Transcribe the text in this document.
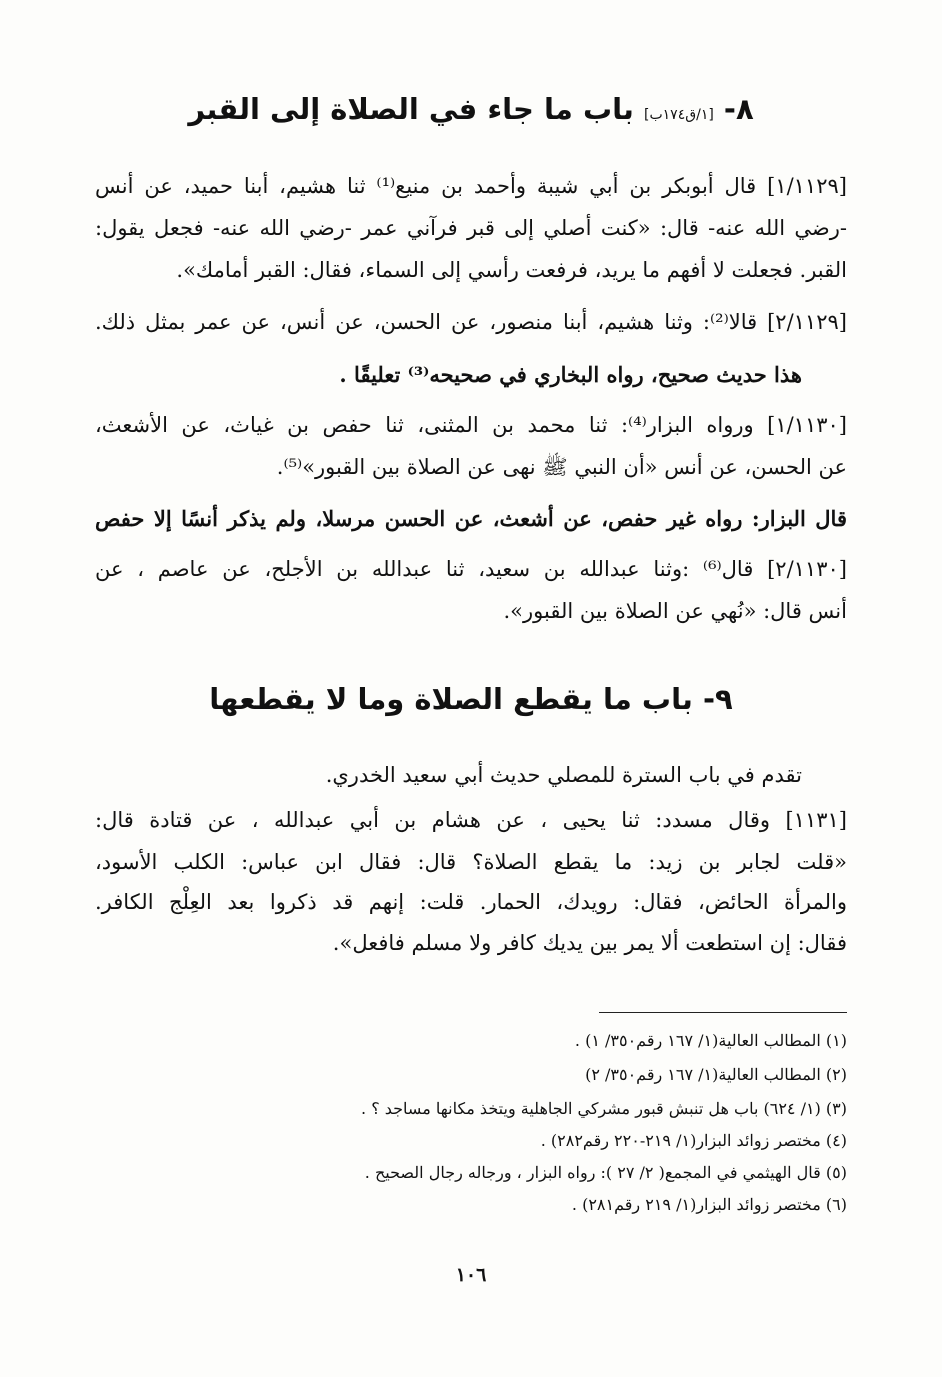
٨- [١/ق١٧٤ب] باب ما جاء في الصلاة إلى القبر
[١/١١٢٩] قال أبوبكر بن أبي شيبة وأحمد بن منيع⁽¹⁾ ثنا هشيم، أبنا حميد، عن أنس
-رضي الله عنه- قال: «كنت أصلي إلى قبر فرآني عمر -رضي الله عنه- فجعل يقول:
القبر. فجعلت لا أفهم ما يريد، فرفعت رأسي إلى السماء، فقال: القبر أمامك».
[٢/١١٢٩] قالا⁽²⁾: وثنا هشيم، أبنا منصور، عن الحسن، عن أنس، عن عمر بمثل ذلك.
هذا حديث صحيح، رواه البخاري في صحيحه⁽³⁾ تعليقًا .
[١/١١٣٠] ورواه البزار⁽⁴⁾: ثنا محمد بن المثنى، ثنا حفص بن غياث، عن الأشعث،
عن الحسن، عن أنس «أن النبي ﷺ نهى عن الصلاة بين القبور»⁽⁵⁾.
قال البزار: رواه غير حفص، عن أشعث، عن الحسن مرسلا، ولم يذكر أنسًا إلا حفص
[٢/١١٣٠] قال⁽⁶⁾ :وثنا عبدالله بن سعيد، ثنا عبدالله بن الأجلح، عن عاصم ، عن
أنس قال: «نُهي عن الصلاة بين القبور».
٩- باب ما يقطع الصلاة وما لا يقطعها
تقدم في باب السترة للمصلي حديث أبي سعيد الخدري.
[١١٣١] وقال مسدد: ثنا يحيى ، عن هشام بن أبي عبدالله ، عن قتادة قال:
«قلت لجابر بن زيد: ما يقطع الصلاة؟ قال: فقال ابن عباس: الكلب الأسود،
والمرأة الحائض، فقال: رويدك، الحمار. قلت: إنهم قد ذكروا بعد العِلْج الكافر.
فقال: إن استطعت ألا يمر بين يديك كافر ولا مسلم فافعل».
(١) المطالب العالية(١/ ١٦٧ رقم٣٥٠/ ١) .
(٢) المطالب العالية(١/ ١٦٧ رقم٣٥٠/ ٢)
(٣) (١/ ٦٢٤) باب هل تنبش قبور مشركي الجاهلية ويتخذ مكانها مساجد ؟ .
(٤) مختصر زوائد البزار(١/ ٢١٩-٢٢٠ رقم٢٨٢) .
(٥) قال الهيثمي في المجمع( ٢/ ٢٧ ): رواه البزار ، ورجاله رجال الصحيح .
(٦) مختصر زوائد البزار(١/ ٢١٩ رقم٢٨١) .
١٠٦
